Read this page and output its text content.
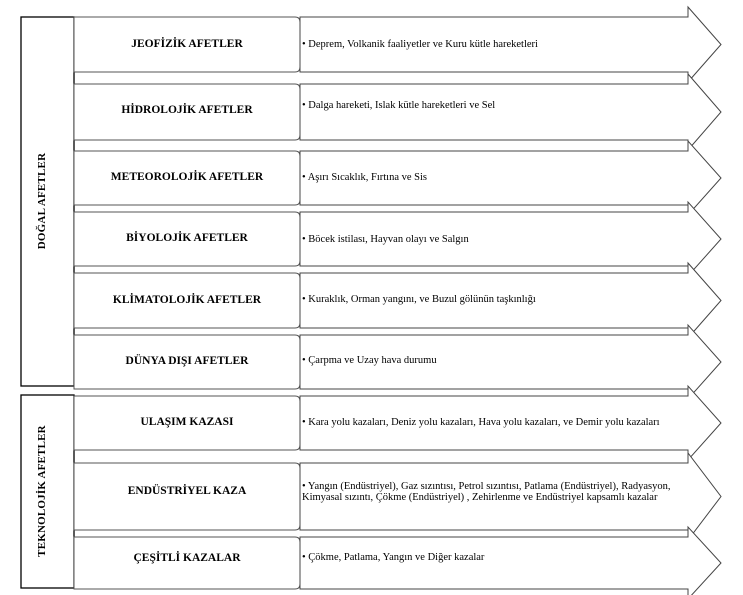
DOĞAL AFETLER
TEKNOLOJİK AFETLER
JEOFİZİK AFETLER
HİDROLOJİK AFETLER
METEOROLOJİK AFETLER
BİYOLOJİK AFETLER
KLİMATOLOJİK AFETLER
DÜNYA DIŞI AFETLER
ULAŞIM KAZASI
ENDÜSTRİYEL KAZA
ÇEŞİTLİ KAZALAR
• Deprem, Volkanik faaliyetler ve Kuru kütle hareketleri
• Dalga hareketi, Islak kütle hareketleri ve Sel
• Aşırı Sıcaklık, Fırtına ve Sis
• Böcek istilası, Hayvan olayı ve Salgın
• Kuraklık, Orman yangını, ve Buzul gölünün taşkınlığı
• Çarpma ve Uzay hava durumu
• Kara yolu kazaları, Deniz yolu kazaları, Hava yolu kazaları, ve Demir yolu kazaları
• Yangın (Endüstriyel), Gaz sızıntısı, Petrol sızıntısı, Patlama (Endüstriyel), Radyasyon, Kimyasal sızıntı, Çökme (Endüstriyel) , Zehirlenme ve Endüstriyel kapsamlı kazalar
• Çökme, Patlama, Yangın ve Diğer kazalar
